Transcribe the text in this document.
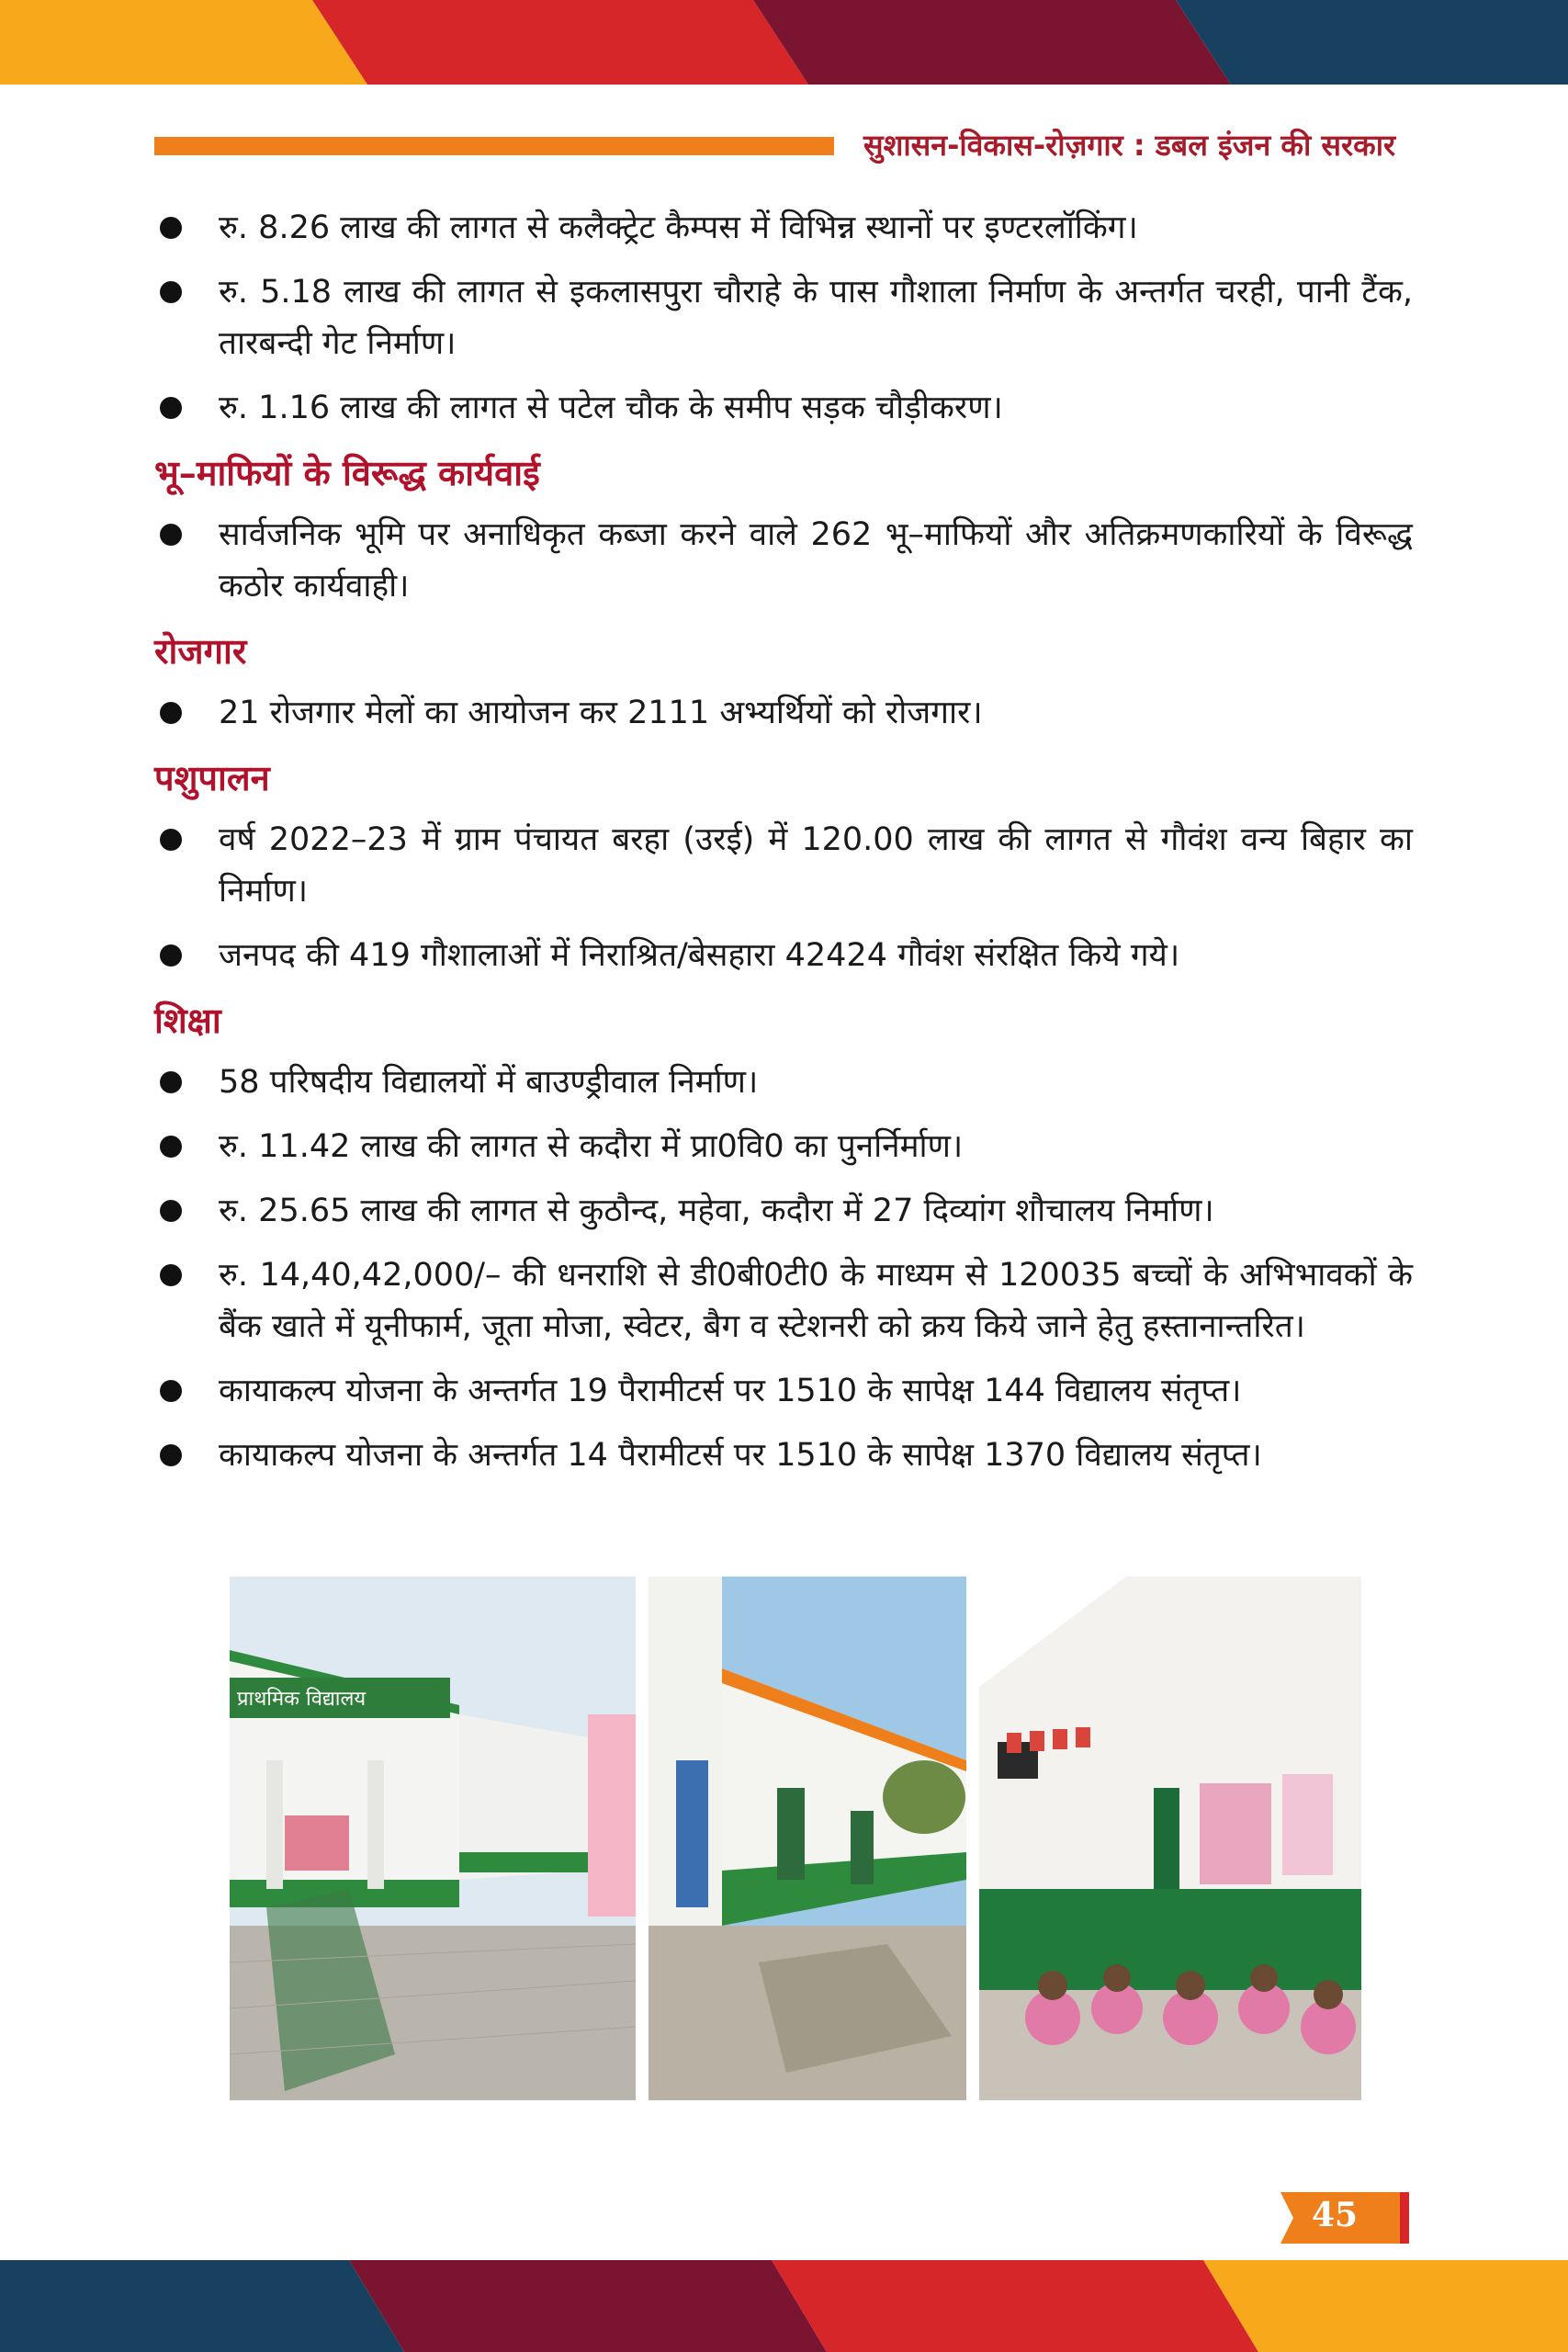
सुशासन-विकास-रोज़गार : डबल इंजन की सरकार
रु. 8.26 लाख की लागत से कलैक्ट्रेट कैम्पस में विभिन्न स्थानों पर इण्टरलॉकिंग।
रु. 5.18 लाख की लागत से इकलासपुरा चौराहे के पास गौशाला निर्माण के अन्तर्गत चरही, पानी टैंक, तारबन्दी गेट निर्माण।
रु. 1.16 लाख की लागत से पटेल चौक के समीप सड़क चौड़ीकरण।
भू–माफियों के विरूद्ध कार्यवाई
सार्वजनिक भूमि पर अनाधिकृत कब्जा करने वाले 262 भू–माफियों और अतिक्रमणकारियों के विरूद्ध कठोर कार्यवाही।
रोजगार
21 रोजगार मेलों का आयोजन कर 2111 अभ्यर्थियों को रोजगार।
पशुपालन
वर्ष 2022–23 में ग्राम पंचायत बरहा (उरई) में 120.00 लाख की लागत से गौवंश वन्य बिहार का निर्माण।
जनपद की 419 गौशालाओं में निराश्रित/बेसहारा 42424 गौवंश संरक्षित किये गये।
शिक्षा
58 परिषदीय विद्यालयों में बाउण्ड्रीवाल निर्माण।
रु. 11.42 लाख की लागत से कदौरा में प्रा0वि0 का पुनर्निर्माण।
रु. 25.65 लाख की लागत से कुठौन्द, महेवा, कदौरा में 27 दिव्यांग शौचालय निर्माण।
रु. 14,40,42,000/– की धनराशि से डी0बी0टी0 के माध्यम से 120035 बच्चों के अभिभावकों के बैंक खाते में यूनीफार्म, जूता मोजा, स्वेटर, बैग व स्टेशनरी को क्रय किये जाने हेतु हस्तानान्तरित।
कायाकल्प योजना के अन्तर्गत 19 पैरामीटर्स पर 1510 के सापेक्ष 144 विद्यालय संतृप्त।
कायाकल्प योजना के अन्तर्गत 14 पैरामीटर्स पर 1510 के सापेक्ष 1370 विद्यालय संतृप्त।
प्राथमिक विद्यालय
45
